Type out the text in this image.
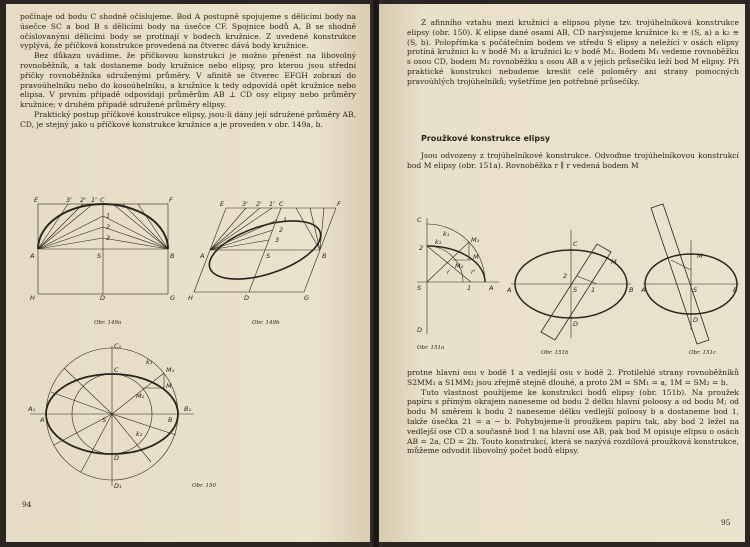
počínaje od bodu C shodně očíslujeme. Bod A postupně spojujeme s dělicími body na úsečce SC a bod B s dělicími body na úsečce CF. Spojnice bodů A, B se shodně očíslovanými dělicími body se protínají v bodech kružnice. Z uvedené konstrukce vyplývá, že příčková konstrukce provedená na čtverec dává body kružnice.

Bez důkazu uvádíme, že příčkovou konstrukci je možno přenést na libovolný rovnoběžník, a tak dostaneme body kružnice nebo elipsy, pro kterou jsou střední příčky rovnoběžníka sdruženými průměry. V afinitě se čtverec EFGH zobrazí do pravoúhelníku nebo do kosoúhelníku, a kružnice k tedy odpovídá opět kružnice nebo elipsa. V prvním případě odpovídají průměrům AB ⊥ CD osy elipsy nebo průměry kružnice; v druhém případě sdružené průměry elipsy.

Praktický postup příčkové konstrukce elipsy, jsou-li dány její sdružené průměry AB, CD, je stejný jako u příčkové konstrukce kružnice a je proveden v obr. 149a, b.

E	3' 2' 1' C
1
2
3
F
A	S	B
H	D	G
Obr. 149a
E	3' 2' 1' C
1
2
3
F
A	S	B
H	D	G
Obr. 149b
C₁
k₁
M₁
C
M
M₂
A₁
A	S	B
B₁
k₂
D
D₁	Obr. 150
94

Z afinního vztahu mezi kružnicí a elipsou plyne tzv. trojúhelníková konstrukce elipsy (obr. 150). K elipse dané osami AB, CD narýsujeme kružnice k₁ ≡ (S, a) a k₂ ≡ (S, b). Polopřímka s počátečním bodem ve středu S elipsy a neležící v osách elipsy protíná kružnici k₁ v bodě M₁ a kružnici k₂ v bodě M₂. Bodem M₁ vedeme rovnoběžku s osou CD, bodem M₂ rovnoběžku s osou AB a v jejich průsečíku leží bod M elipsy. Při praktické konstrukci nebudeme kreslit celé poloměry ani strany pomocných pravoúhlých trojúhelníků; vyšetříme jen potřebné průsečíky.

Proužkové konstrukce elipsy

Jsou odvozeny z trojúhelníkové konstrukce. Odvoďme trojúhelníkovou konstrukcí bod M elipsy (obr. 151a). Rovnoběžka r ∥ r vedená bodem M

C
k₁
M₁
k₂
M
M₂
2
r	r'
S	1	A
D
Obr. 151a
C
M
2
A	S 1	B
D
Obr. 151b
M
A	S	B
D
Obr. 151c

protne hlavní osu v bodě 1 a vedlejší osu v bodě 2. Protilehlé strany rovnoběžníků S2MM₁ a S1MM₂ jsou zřejmě stejně dlouhé, a proto 2M = SM₁ = a, 1M = SM₂ = b.

Tuto vlastnost použijeme ke konstrukci bodů elipsy (obr. 151b). Na proužek papíru s přímým okrajem naneseme od bodu 2 délku hlavní poloosy a od bodu M; od bodu M směrem k bodu 2 naneseme délku vedlejší poloosy b a dostaneme bod 1, takže úsečka 21 = a − b. Pohybujeme-li proužkem papíru tak, aby bod 2 ležel na vedlejší ose CD a současně bod 1 na hlavní ose AB, pak bod M opisuje elipsu o osách AB = 2a, CD = 2b. Touto konstrukcí, která se nazývá rozdílová proužková konstrukce, můžeme odvodit libovolný počet bodů elipsy.

95
